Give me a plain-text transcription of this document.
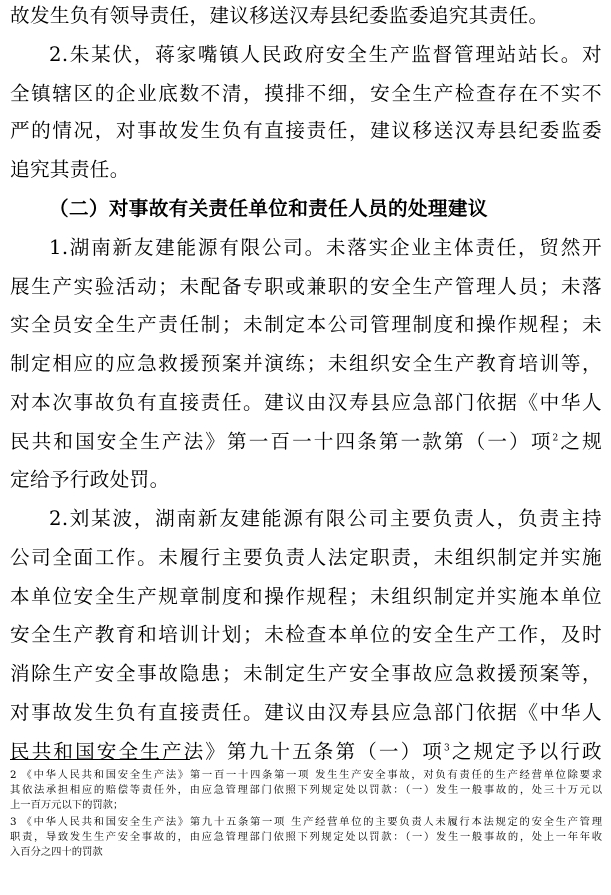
故发生负有领导责任，建议移送汉寿县纪委监委追究其责任。
2.朱某伏，蒋家嘴镇人民政府安全生产监督管理站站长。对
全镇辖区的企业底数不清，摸排不细，安全生产检查存在不实不
严的情况，对事故发生负有直接责任，建议移送汉寿县纪委监委
追究其责任。
（二）对事故有关责任单位和责任人员的处理建议
1.湖南新友建能源有限公司。未落实企业主体责任，贸然开
展生产实验活动；未配备专职或兼职的安全生产管理人员；未落
实全员安全生产责任制；未制定本公司管理制度和操作规程；未
制定相应的应急救援预案并演练；未组织安全生产教育培训等，
对本次事故负有直接责任。建议由汉寿县应急部门依据《中华人
民共和国安全生产法》第一百一十四条第一款第（一）项$^2$之规
定给予行政处罚。
2.刘某波，湖南新友建能源有限公司主要负责人，负责主持
公司全面工作。未履行主要负责人法定职责，未组织制定并实施
本单位安全生产规章制度和操作规程；未组织制定并实施本单位
安全生产教育和培训计划；未检查本单位的安全生产工作，及时
消除生产安全事故隐患；未制定生产安全事故应急救援预案等，
对事故发生负有直接责任。建议由汉寿县应急部门依据《中华人
民共和国安全生产法》第九十五条第（一）项$^3$之规定予以行政
2 《中华人民共和国安全生产法》第一百一十四条第一项 发生生产安全事故，对负有责任的生产经营单位除要求
其依法承担相应的赔偿等责任外，由应急管理部门依照下列规定处以罚款：（一）发生一般事故的，处三十万元以
上一百万元以下的罚款；
3 《中华人民共和国安全生产法》第九十五条第一项 生产经营单位的主要负责人未履行本法规定的安全生产管理
职责，导致发生生产安全事故的，由应急管理部门依照下列规定处以罚款：（一）发生一般事故的，处上一年年收
入百分之四十的罚款
